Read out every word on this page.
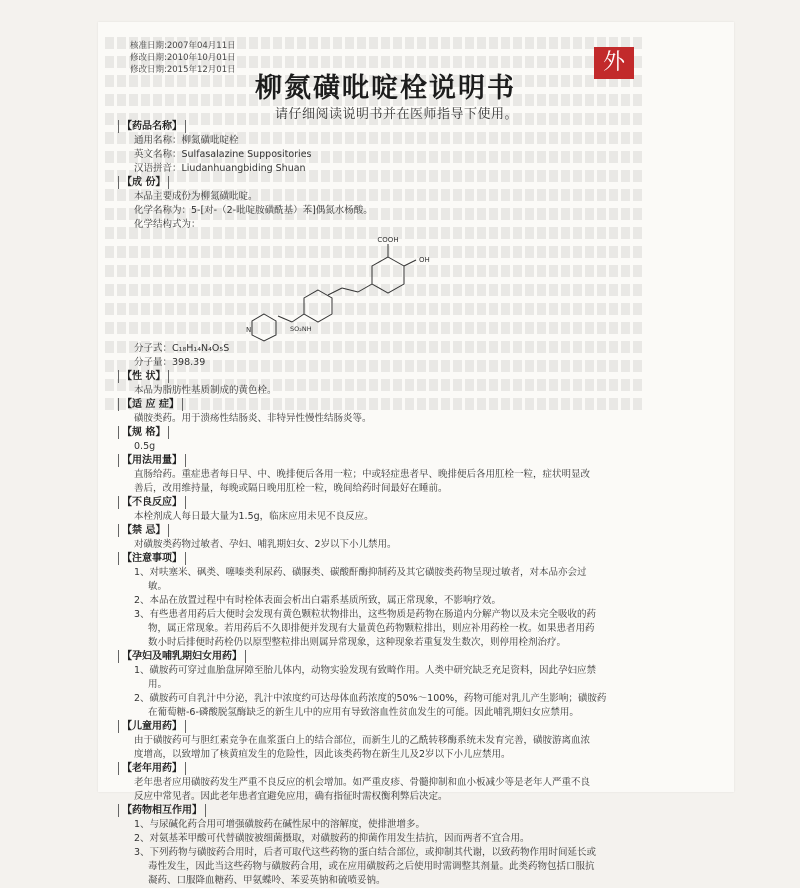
核准日期:2007年04月11日
修改日期:2010年10月01日
修改日期:2015年12月01日	外
柳氮磺吡啶栓说明书
请仔细阅读说明书并在医师指导下使用。
【药品名称】
通用名称：柳氮磺吡啶栓
英文名称：Sulfasalazine Suppositories
汉语拼音：Liudanhuangbiding Shuan
【成 份】
本品主要成份为柳氮磺吡啶。
化学名称为：5-[对-（2-吡啶胺磺酰基）苯]偶氮水杨酸。
化学结构式为：
COOH
OH
SO₂NH
N
分子式：C₁₈H₁₄N₄O₅S
分子量：398.39
【性 状】
本品为脂肪性基质制成的黄色栓。
【适 应 症】
磺胺类药。用于溃疡性结肠炎、非特异性慢性结肠炎等。
【规 格】
0.5g
【用法用量】
直肠给药。重症患者每日早、中、晚排便后各用一粒；中或轻症患者早、晚排便后各用肛栓一粒，症状明显改
善后，改用维持量，每晚或隔日晚用肛栓一粒，晚间给药时间最好在睡前。
【不良反应】
本栓剂成人每日最大量为1.5g，临床应用未见不良反应。
【禁 忌】
对磺胺类药物过敏者、孕妇、哺乳期妇女、2岁以下小儿禁用。
【注意事项】
1、对呋塞米、砜类、噻嗪类利尿药、磺脲类、碳酸酐酶抑制药及其它磺胺类药物呈现过敏者，对本品亦会过
敏。
2、本品在放置过程中有时栓体表面会析出白霜系基质所致，属正常现象，不影响疗效。
3、有些患者用药后大便时会发现有黄色颗粒状物排出，这些物质是药物在肠道内分解产物以及未完全吸收的药
物，属正常现象。若用药后不久即排便并发现有大量黄色药物颗粒排出，则应补用药栓一枚。如果患者用药
数小时后排便时药栓仍以原型整粒排出则属异常现象，这种现象若重复发生数次，则停用栓剂治疗。
【孕妇及哺乳期妇女用药】
1、磺胺药可穿过血胎盘屏障至胎儿体内，动物实验发现有致畸作用。人类中研究缺乏充足资料，因此孕妇应禁
用。
2、磺胺药可自乳汁中分泌，乳汁中浓度约可达母体血药浓度的50%～100%，药物可能对乳儿产生影响；磺胺药
在葡萄糖-6-磷酸脱氢酶缺乏的新生儿中的应用有导致溶血性贫血发生的可能。因此哺乳期妇女应禁用。
【儿童用药】
由于磺胺药可与胆红素竞争在血浆蛋白上的结合部位，而新生儿的乙酰转移酶系统未发育完善，磺胺游离血浓
度增高，以致增加了核黄疸发生的危险性，因此该类药物在新生儿及2岁以下小儿应禁用。
【老年用药】
老年患者应用磺胺药发生严重不良反应的机会增加。如严重皮疹、骨髓抑制和血小板减少等是老年人严重不良
反应中常见者。因此老年患者宜避免应用，确有指征时需权衡利弊后决定。
【药物相互作用】
1、与尿碱化药合用可增强磺胺药在碱性尿中的溶解度，使排泄增多。
2、对氨基苯甲酸可代替磺胺被细菌摄取，对磺胺药的抑菌作用发生拮抗，因而两者不宜合用。
3、下列药物与磺胺药合用时，后者可取代这些药物的蛋白结合部位，或抑制其代谢，以致药物作用时间延长或
毒性发生，因此当这些药物与磺胺药合用，或在应用磺胺药之后使用时需调整其剂量。此类药物包括口服抗
凝药、口服降血糖药、甲氨蝶呤、苯妥英钠和硫喷妥钠。
